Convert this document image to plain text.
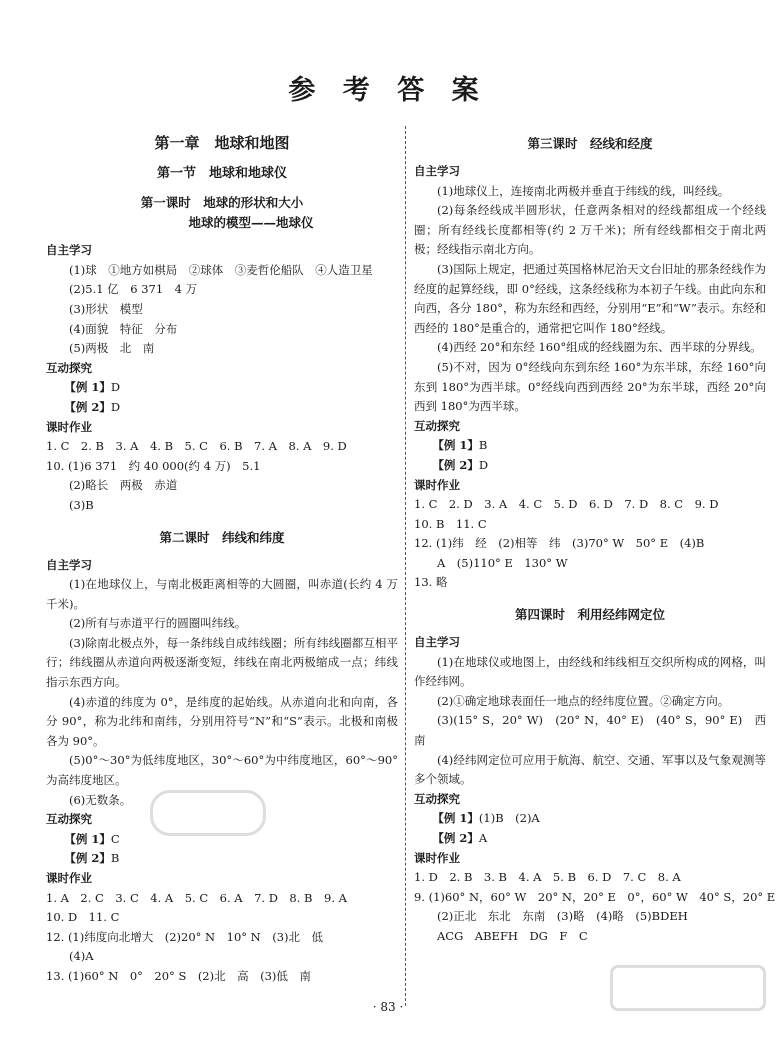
参 考 答 案
第一章　地球和地图
第一节　地球和地球仪
第一课时　地球的形状和大小
地球的模型——地球仪
自主学习
(1)球　①地方如棋局　②球体　③麦哲伦船队　④人造卫星
(2)5.1 亿　6 371　4 万
(3)形状　模型
(4)面貌　特征　分布
(5)两极　北　南
互动探究
【例 1】D
【例 2】D
课时作业
1. C　2. B　3. A　4. B　5. C　6. B　7. A　8. A　9. D
10. (1)6 371　约 40 000(约 4 万)　5.1
(2)略长　两极　赤道
(3)B
第二课时　纬线和纬度
自主学习
(1)在地球仪上，与南北极距离相等的大圆圈，叫赤道(长约 4 万千米)。
(2)所有与赤道平行的圆圈叫纬线。
(3)除南北极点外，每一条纬线自成纬线圈；所有纬线圈都互相平行；纬线圈从赤道向两极逐渐变短，纬线在南北两极缩成一点；纬线指示东西方向。
(4)赤道的纬度为 0°，是纬度的起始线。从赤道向北和向南，各分 90°，称为北纬和南纬，分别用符号“N”和“S”表示。北极和南极各为 90°。
(5)0°～30°为低纬度地区，30°～60°为中纬度地区，60°～90°为高纬度地区。
(6)无数条。
互动探究
【例 1】C
【例 2】B
课时作业
1. A　2. C　3. C　4. A　5. C　6. A　7. D　8. B　9. A
10. D　11. C
12. (1)纬度向北增大　(2)20° N　10° N　(3)北　低
(4)A
13. (1)60° N　0°　20° S　(2)北　高　(3)低　南
第三课时　经线和经度
自主学习
(1)地球仪上，连接南北两极并垂直于纬线的线，叫经线。
(2)每条经线成半圆形状，任意两条相对的经线都组成一个经线圈；所有经线长度都相等(约 2 万千米)；所有经线都相交于南北两极；经线指示南北方向。
(3)国际上规定，把通过英国格林尼治天文台旧址的那条经线作为经度的起算经线，即 0°经线，这条经线称为本初子午线。由此向东和向西，各分 180°，称为东经和西经，分别用“E”和“W”表示。东经和西经的 180°是重合的，通常把它叫作 180°经线。
(4)西经 20°和东经 160°组成的经线圈为东、西半球的分界线。
(5)不对，因为 0°经线向东到东经 160°为东半球，东经 160°向东到 180°为西半球。0°经线向西到西经 20°为东半球，西经 20°向西到 180°为西半球。
互动探究
【例 1】B
【例 2】D
课时作业
1. C　2. D　3. A　4. C　5. D　6. D　7. D　8. C　9. D
10. B　11. C
12. (1)纬　经　(2)相等　纬　(3)70° W　50° E　(4)B
A　(5)110° E　130° W
13. 略
第四课时　利用经纬网定位
自主学习
(1)在地球仪或地图上，由经线和纬线相互交织所构成的网格，叫作经纬网。
(2)①确定地球表面任一地点的经纬度位置。②确定方向。
(3)(15° S，20° W)　(20° N，40° E)　(40° S，90° E)　西南
(4)经纬网定位可应用于航海、航空、交通、军事以及气象观测等多个领域。
互动探究
【例 1】(1)B　(2)A
【例 2】A
课时作业
1. D　2. B　3. B　4. A　5. B　6. D　7. C　8. A
9. (1)60° N，60° W　20° N，20° E　0°，60° W　40° S，20° E
(2)正北　东北　东南　(3)略　(4)略　(5)BDEH
ACG　ABEFH　DG　F　C
· 83 ·
